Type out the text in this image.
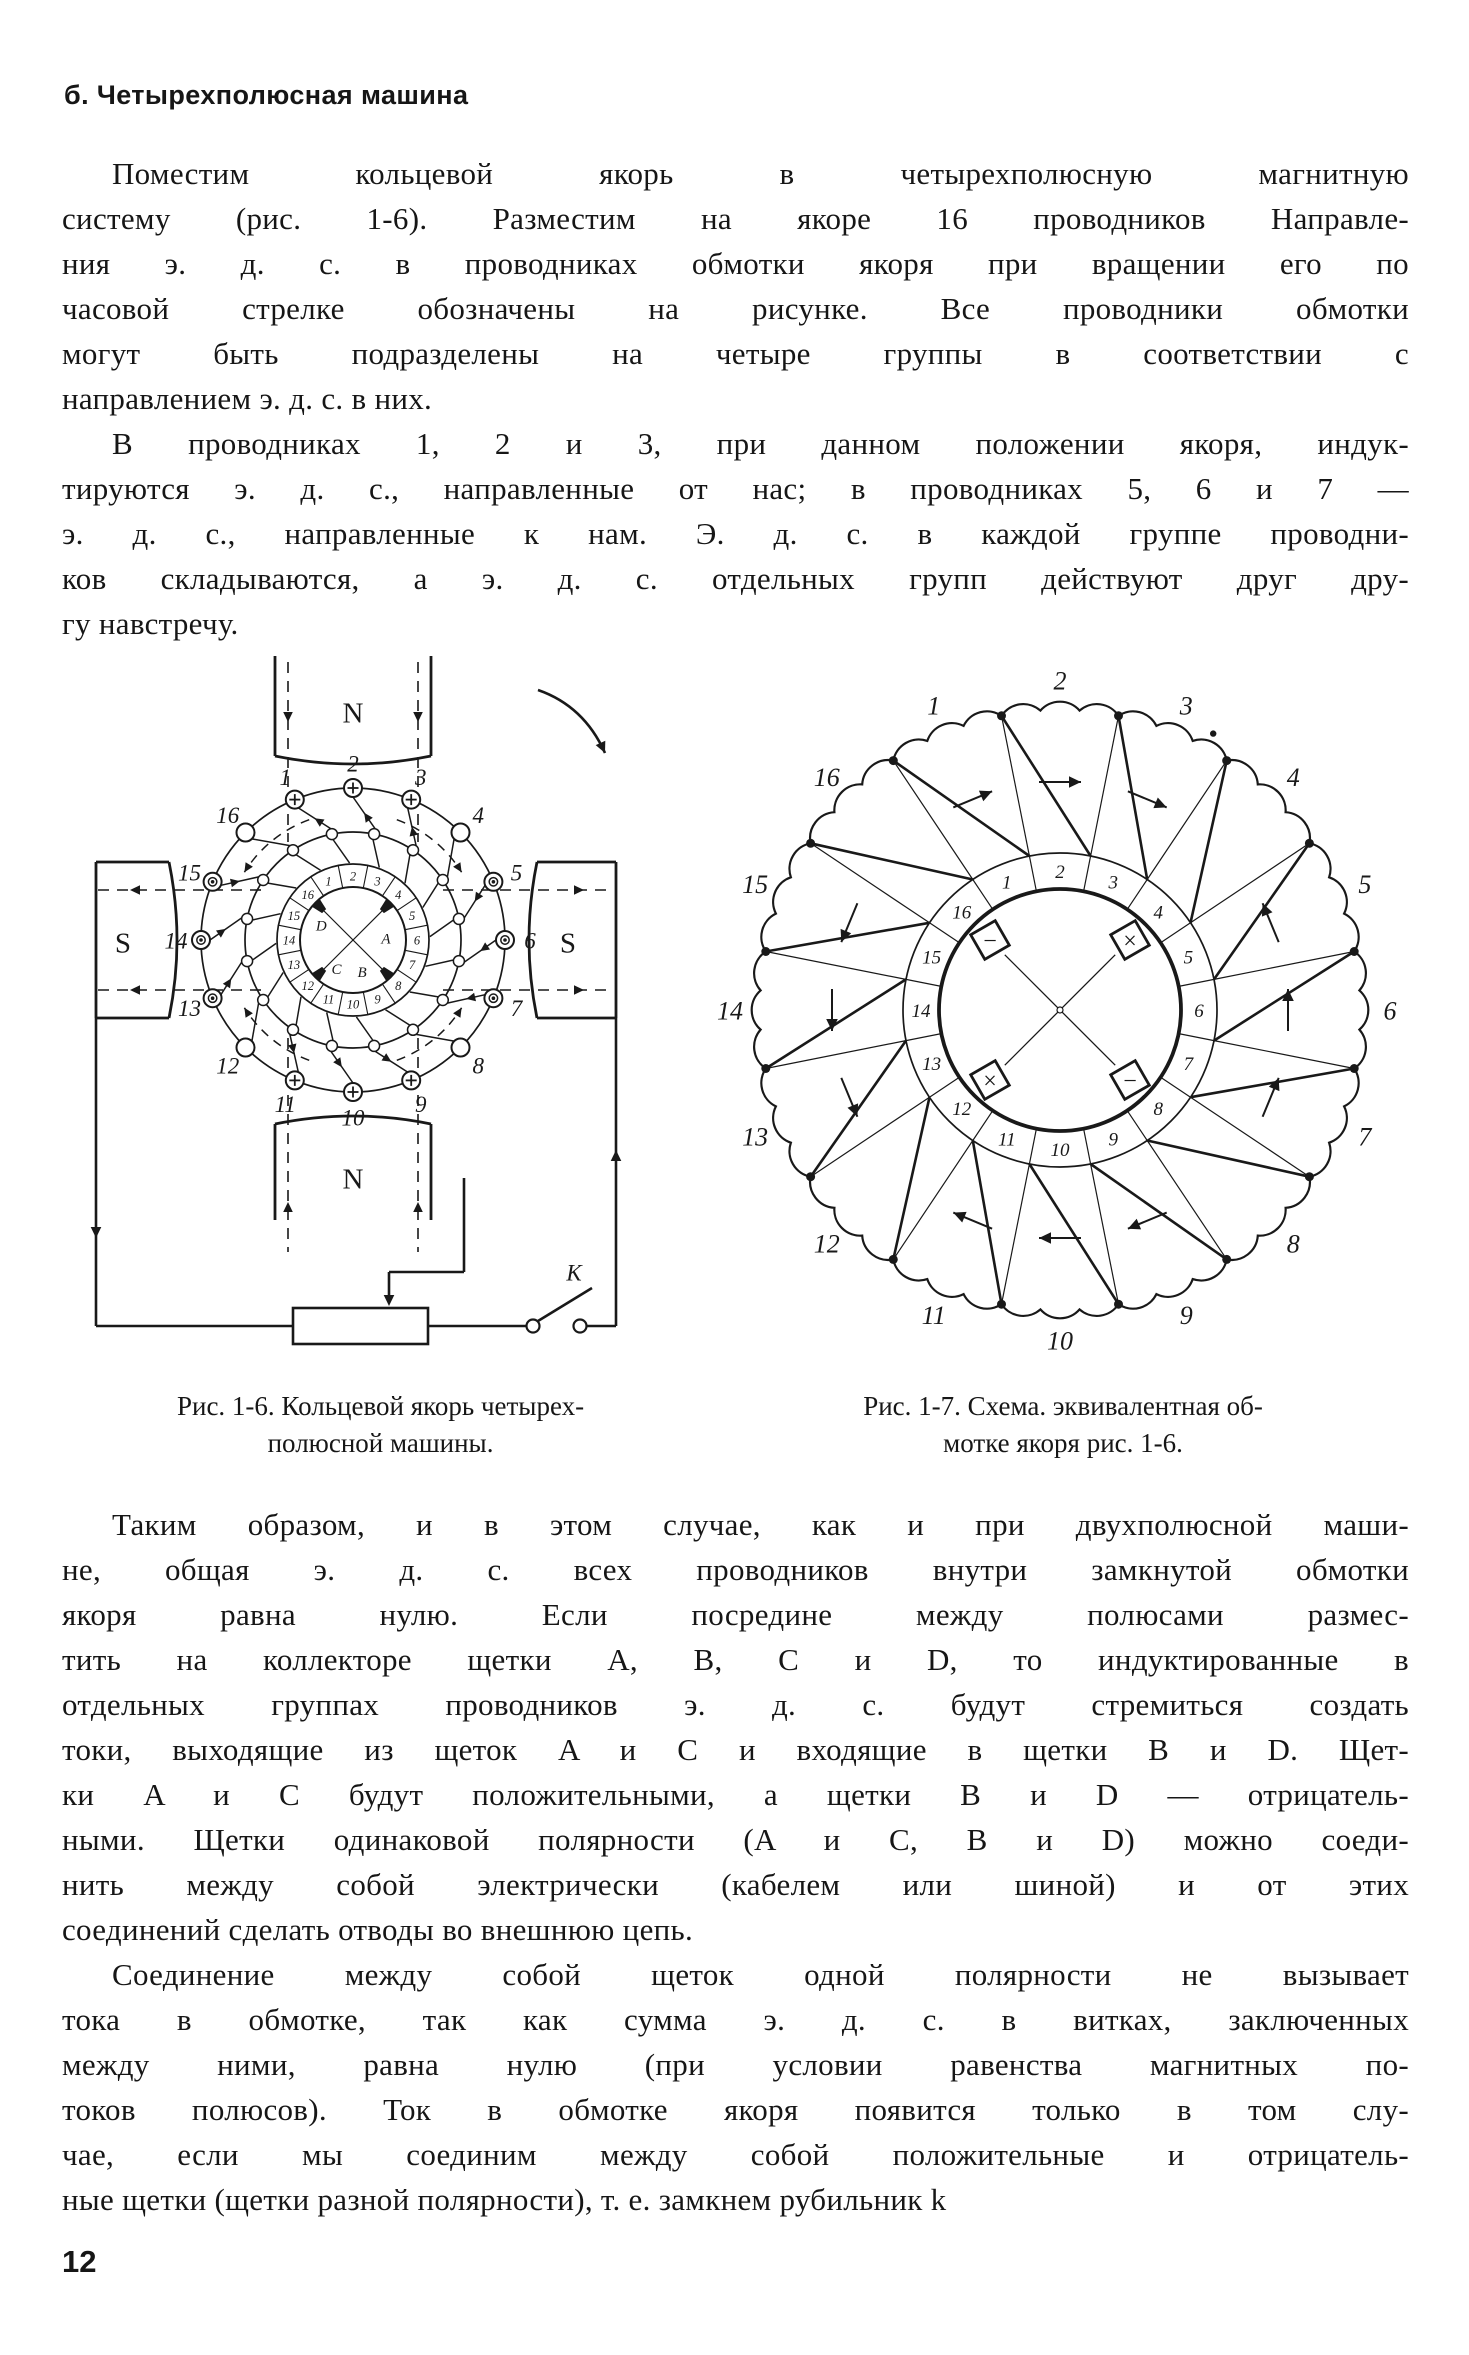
б. Четырехполюсная машина
Поместим кольцевой якорь в четырехполюсную магнитную
систему (рис. 1-6). Разместим на якоре 16 проводников Направле-
ния э. д. с. в проводниках обмотки якоря при вращении его по
часовой стрелке обозначены на рисунке. Все проводники обмотки
могут быть подразделены на четыре группы в соответствии с
направлением э. д. с. в них.
В проводниках 1, 2 и 3, при данном положении якоря, индук-
тируются э. д. с., направленные от нас; в проводниках 5, 6 и 7 —
э. д. с., направленные к нам. Э. д. с. в каждой группе проводни-
ков складываются, а э. д. с. отдельных групп действуют друг дру-
гу навстречу.
N
N
S	S
1 2 3
4
5
6
7
8
9
10
11
12
13
14
15
16
A
D
C B
1
2
3
4
5
6
7
8
9
10
11
12
13
14
15
16
К
1
2
3
4
5
6
7
8
9
10
11
12
13
14
15
16
1
2
3
4
5
6
7
8
9
10
11
12
13
14
15
16
×
−
×	−
Рис. 1-6. Кольцевой якорь четырех-
полюсной машины.
Рис. 1-7. Схема. эквивалентная об-
мотке якоря рис. 1-6.
Таким образом, и в этом случае, как и при двухполюсной маши-
не, общая э. д. с. всех проводников внутри замкнутой обмотки
якоря равна нулю. Если посредине между полюсами размес-
тить на коллекторе щетки A, B, C и D, то индуктированные в
отдельных группах проводников э. д. с. будут стремиться создать
токи, выходящие из щеток A и C и входящие в щетки B и D. Щет-
ки A и C будут положительными, а щетки B и D — отрицатель-
ными. Щетки одинаковой полярности (A и C, B и D) можно соеди-
нить между собой электрически (кабелем или шиной) и от этих
соединений сделать отводы во внешнюю цепь.
Соединение между собой щеток одной полярности не вызывает
тока в обмотке, так как сумма э. д. с. в витках, заключенных
между ними, равна нулю (при условии равенства магнитных по-
токов полюсов). Ток в обмотке якоря появится только в том слу-
чае, если мы соединим между собой положительные и отрицатель-
ные щетки (щетки разной полярности), т. е. замкнем рубильник k
12
